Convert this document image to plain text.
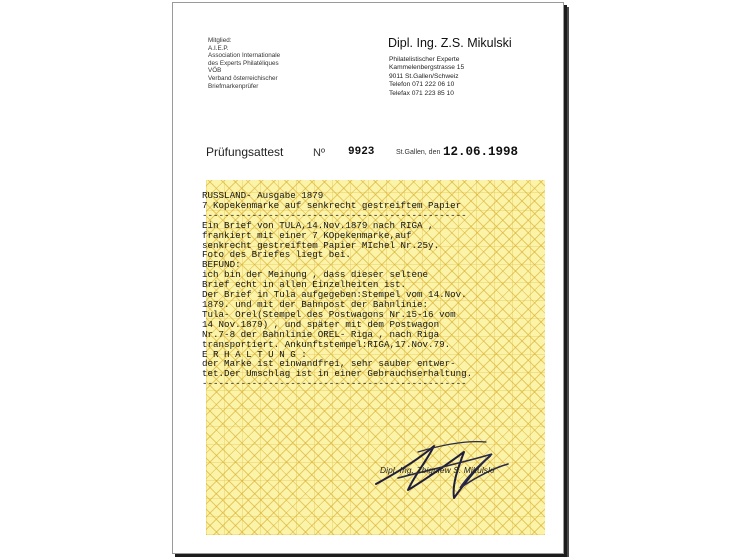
Mitglied:
A.I.E.P.
Association Internationale
des Experts Philatéliques
VÖB
Verband österreichischer
Briefmarkenprüfer
Dipl. Ing. Z.S. Mikulski
Philatelistischer Experte
Kammelenbergstrasse 15
9011 St.Gallen/Schweiz
Telefon 071 222 06 10
Telefax 071 223 85 10
Prüfungsattest	Nº 9923	St.Gallen, den 12.06.1998
RUSSLAND- Ausgabe 1879
7 Kopekenmarke auf senkrecht gestreiftem Papier
------------------------------------------------
Ein Brief von TULA,14.Nov.1879 nach RIGA ,
frankiert mit einer 7 KOpekenmarke,auf
senkrecht gestreiftem Papier MIchel Nr.25y.
Foto des Briefes liegt bei.
BEFUND:
ich bin der Meinung , dass dieser seltene
Brief echt in allen Einzelheiten ist.
Der Brief in Tula aufgegeben:Stempel vom 14.Nov.
1879. und mit der Bahnpost der Bahnlinie:
Tula- Orel(Stempel des Postwagons Nr.15-16 vom
14 Nov.1879) , und später mit dem Postwagon
Nr.7-8 der Bahnlinie OREL- Riga , nach Riga
transportiert. Ankunftstempel:RIGA,17.Nov.79.
E R H A L T U N G :
der Marke ist einwandfrei, sehr sauber entwer-
tet.Der Umschlag ist in einer Gebrauchserhaltung.
------------------------------------------------
Dipl. Ing. Zbigniew S. Mikulski
